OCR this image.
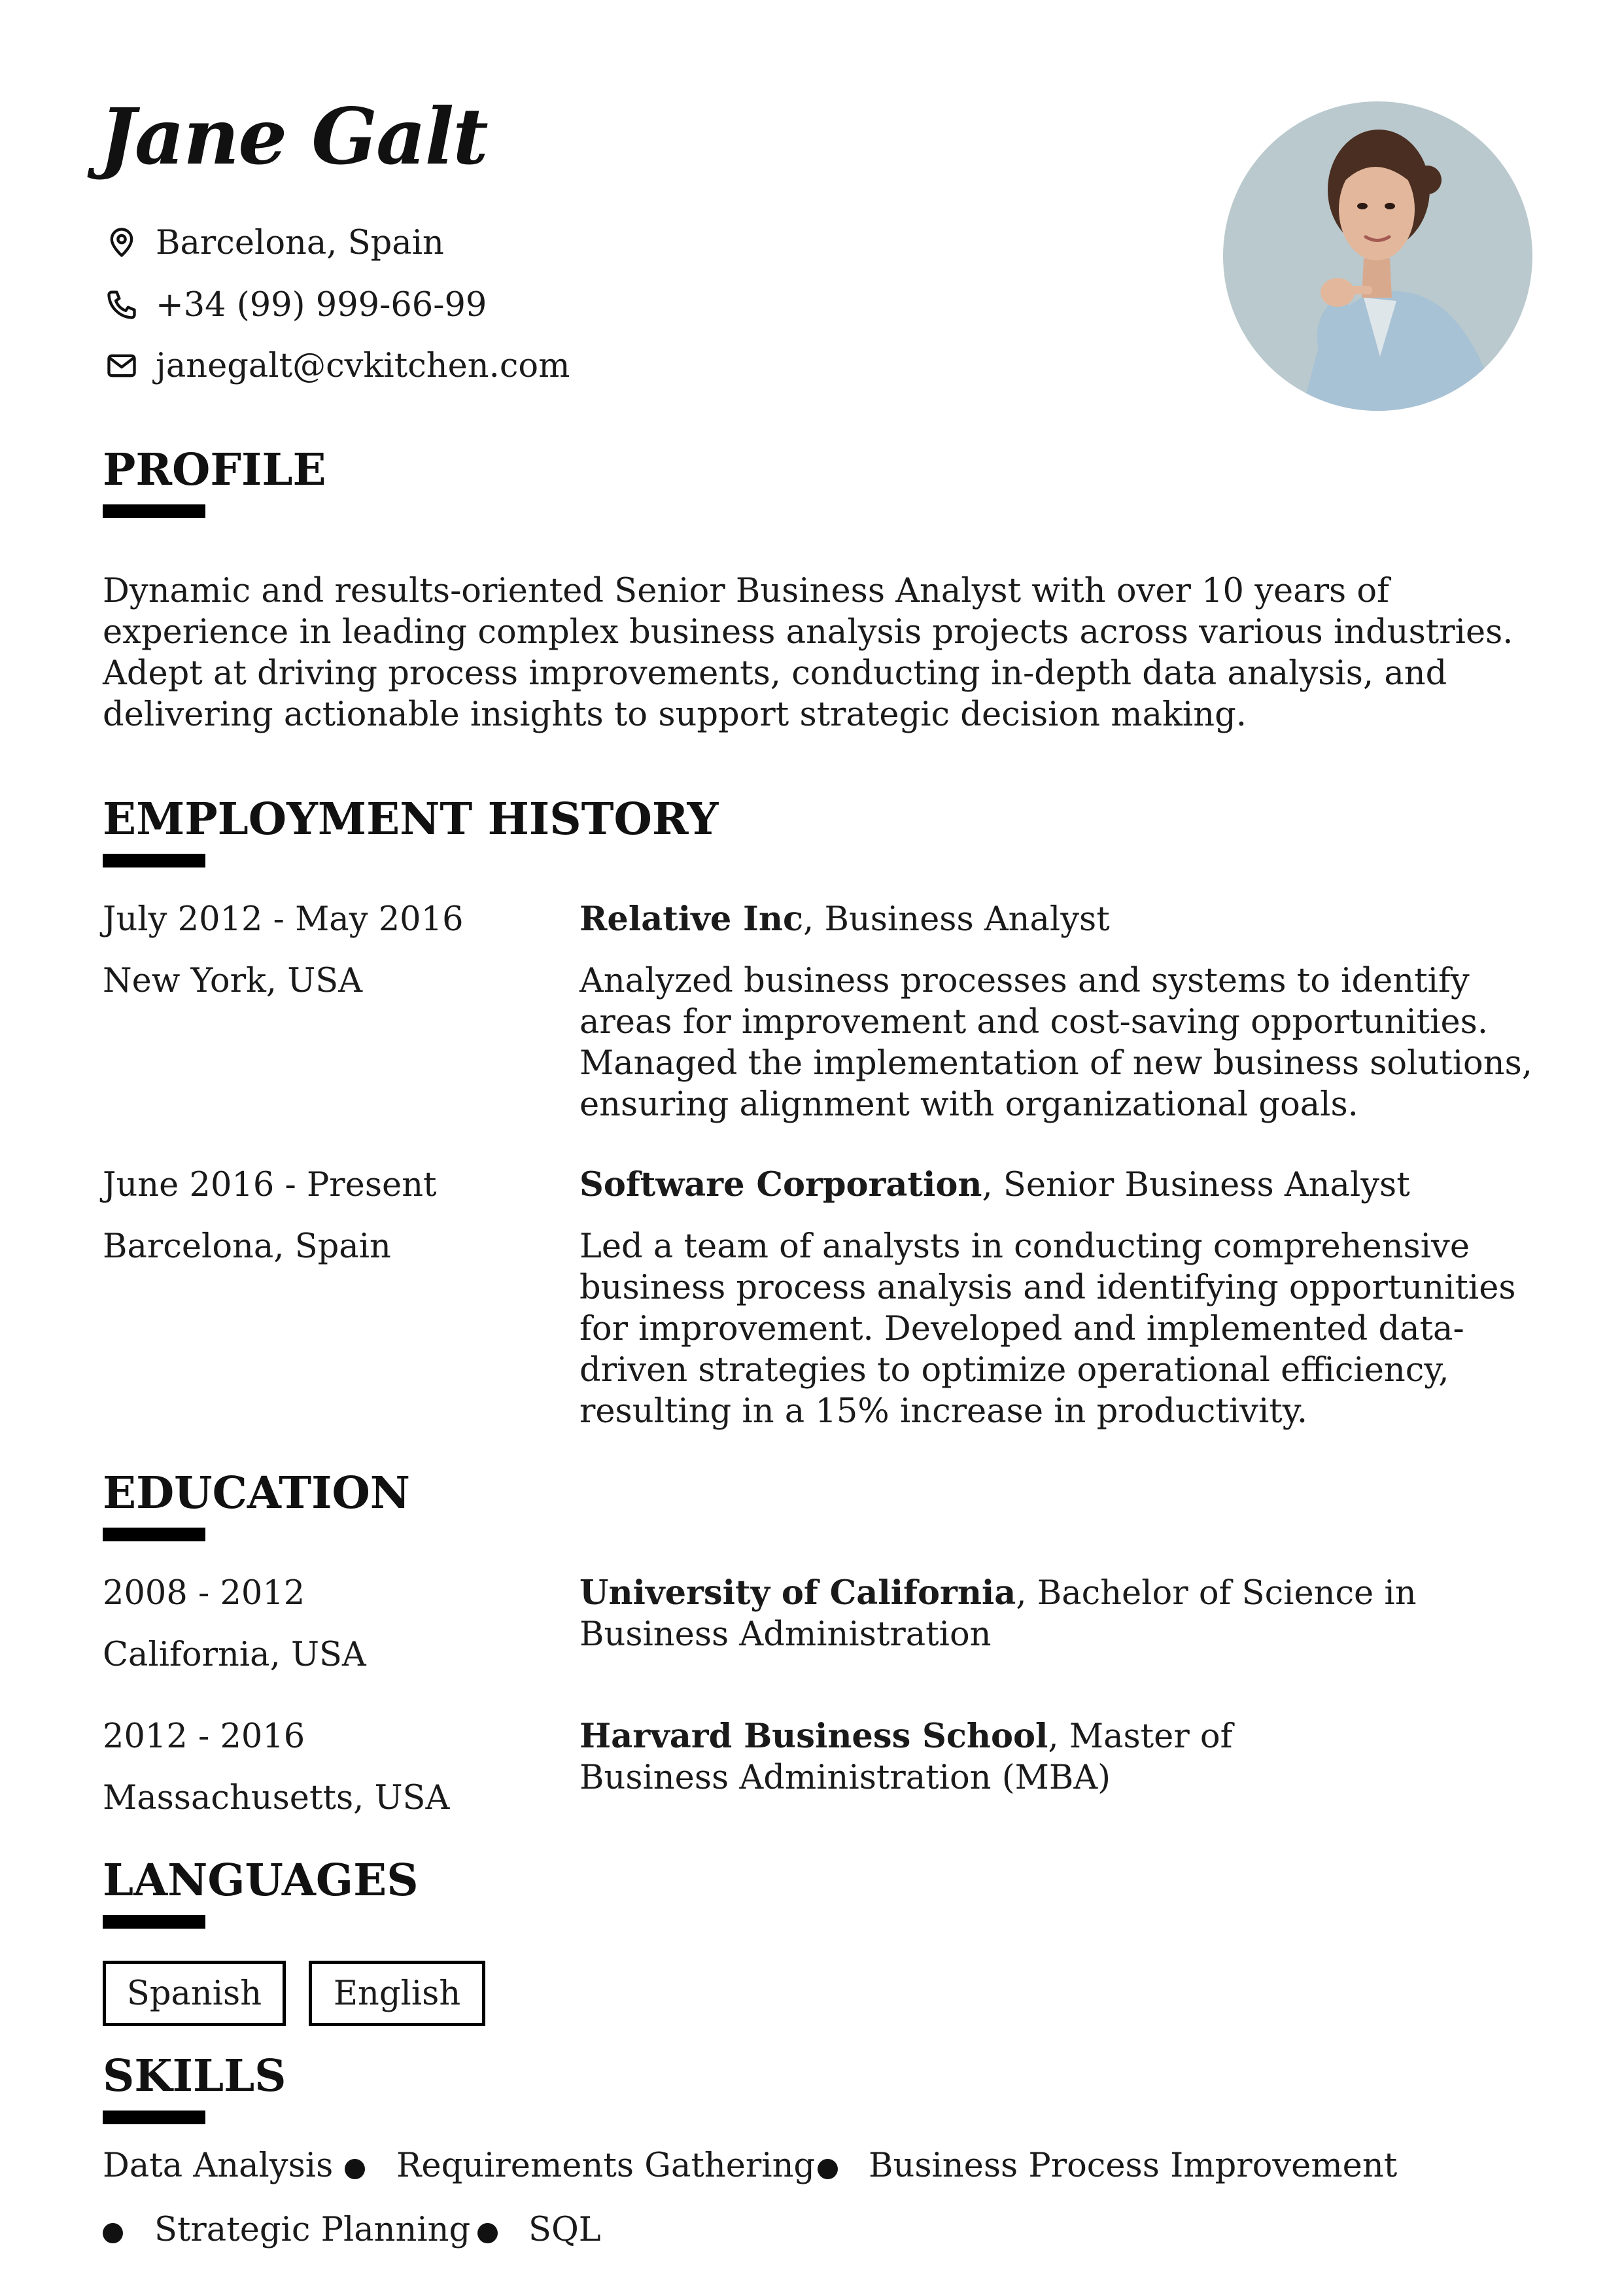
Jane Galt
Barcelona, Spain
+34 (99) 999-66-99
janegalt@cvkitchen.com
PROFILE

Dynamic and results-oriented Senior Business Analyst with over 10 years of experience in leading complex business analysis projects across various industries. Adept at driving process improvements, conducting in-depth data analysis, and delivering actionable insights to support strategic decision making.

EMPLOYMENT HISTORY

July 2012 - May 2016

New York, USA

Relative Inc, Business Analyst

Analyzed business processes and systems to identify areas for improvement and cost-saving opportunities. Managed the implementation of new business solutions, ensuring alignment with organizational goals.

June 2016 - Present

Barcelona, Spain

Software Corporation, Senior Business Analyst

Led a team of analysts in conducting comprehensive business process analysis and identifying opportunities for improvement. Developed and implemented data-driven strategies to optimize operational efficiency, resulting in a 15% increase in productivity.

EDUCATION

2008 - 2012

California, USA

University of California, Bachelor of Science in Business Administration

2012 - 2016

Massachusetts, USA

Harvard Business School, Master of Business Administration (MBA)

LANGUAGES
Spanish	English
SKILLS
Data Analysis Requirements Gathering Business Process Improvement
Strategic Planning SQL
